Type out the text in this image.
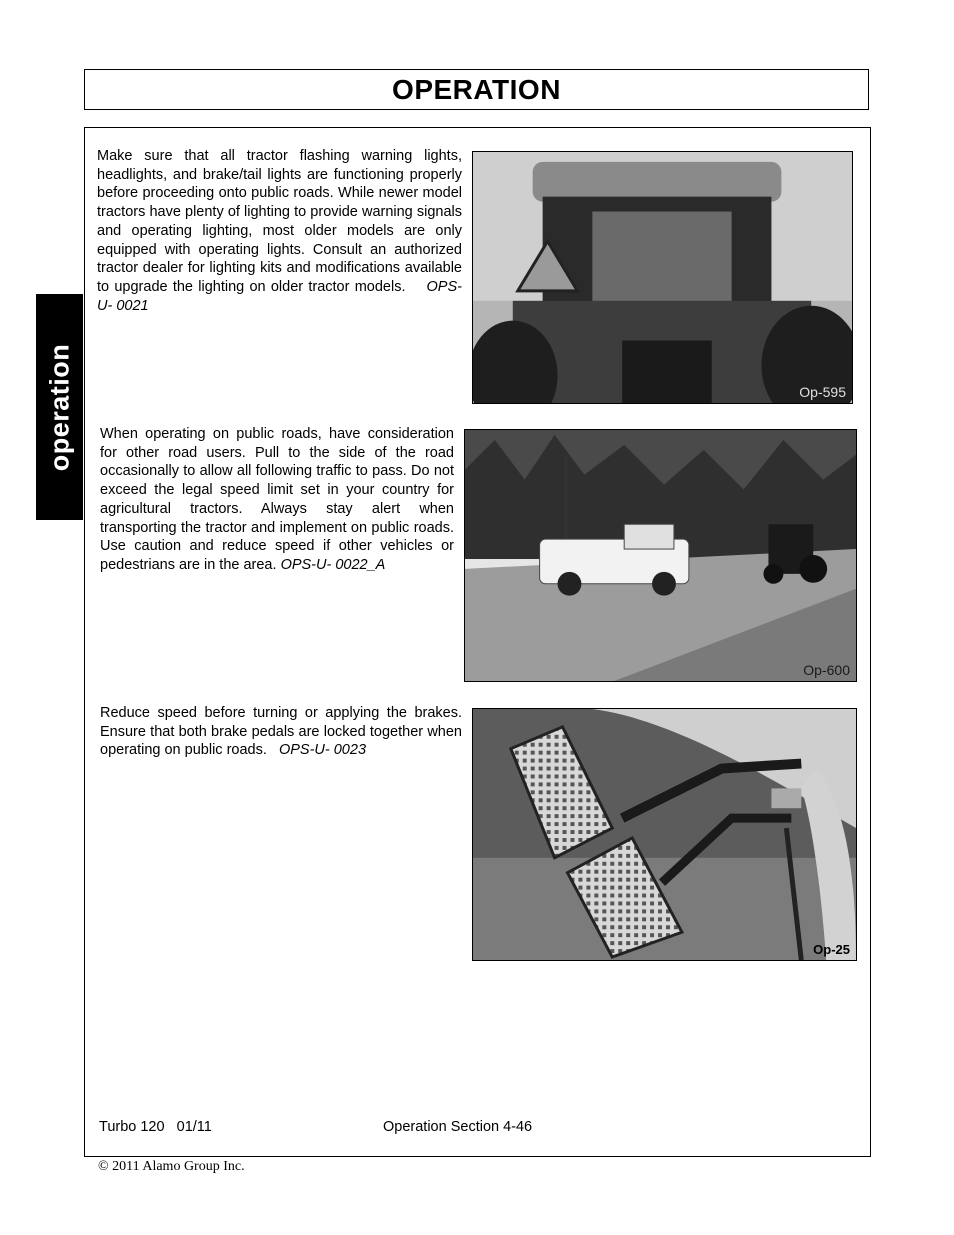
OPERATION
operation

Make sure that all tractor flashing warning lights, headlights, and brake/tail lights are functioning properly before proceeding onto public roads. While newer model tractors have plenty of lighting to provide warning signals and operating lighting, most older models are only equipped with operating lights. Consult an authorized tractor dealer for lighting kits and modifications available to upgrade the lighting on older tractor models. OPS-U- 0021

Op-595

When operating on public roads, have consideration for other road users. Pull to the side of the road occasionally to allow all following traffic to pass. Do not exceed the legal speed limit set in your country for agricultural tractors. Always stay alert when transporting the tractor and implement on public roads. Use caution and reduce speed if other vehicles or pedestrians are in the area. OPS-U- 0022_A

Op-600

Reduce speed before turning or applying the brakes. Ensure that both brake pedals are locked together when operating on public roads. OPS-U- 0023

Op-25
Turbo 120   01/11	Operation Section 4-46
© 2011 Alamo Group Inc.
